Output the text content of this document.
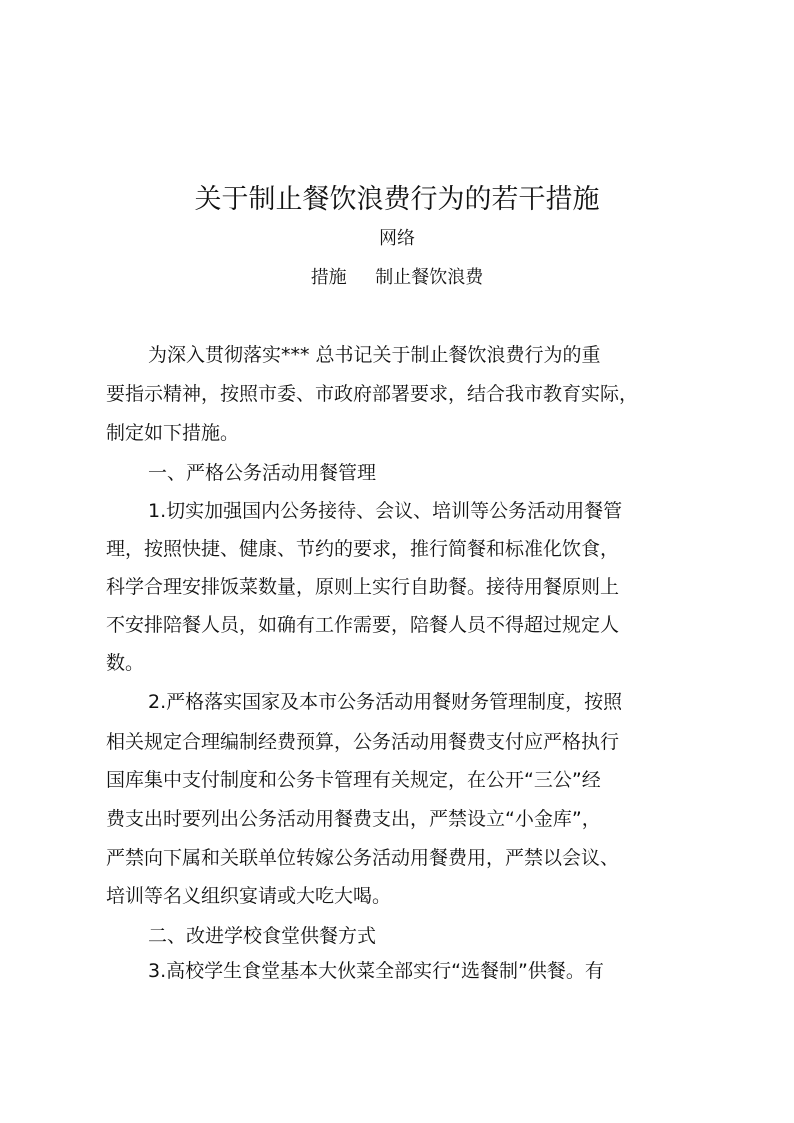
关于制止餐饮浪费行为的若干措施
网络
措施     制止餐饮浪费
为深入贯彻落实*** 总书记关于制止餐饮浪费行为的重
要指示精神，按照市委、市政府部署要求，结合我市教育实际，
制定如下措施。
一、严格公务活动用餐管理
1.切实加强国内公务接待、会议、培训等公务活动用餐管
理，按照快捷、健康、节约的要求，推行简餐和标准化饮食，
科学合理安排饭菜数量，原则上实行自助餐。接待用餐原则上
不安排陪餐人员，如确有工作需要，陪餐人员不得超过规定人
数。
2.严格落实国家及本市公务活动用餐财务管理制度，按照
相关规定合理编制经费预算，公务活动用餐费支付应严格执行
国库集中支付制度和公务卡管理有关规定，在公开“三公”经
费支出时要列出公务活动用餐费支出，严禁设立“小金库”，
严禁向下属和关联单位转嫁公务活动用餐费用，严禁以会议、
培训等名义组织宴请或大吃大喝。
二、改进学校食堂供餐方式
3.高校学生食堂基本大伙菜全部实行“选餐制”供餐。有
